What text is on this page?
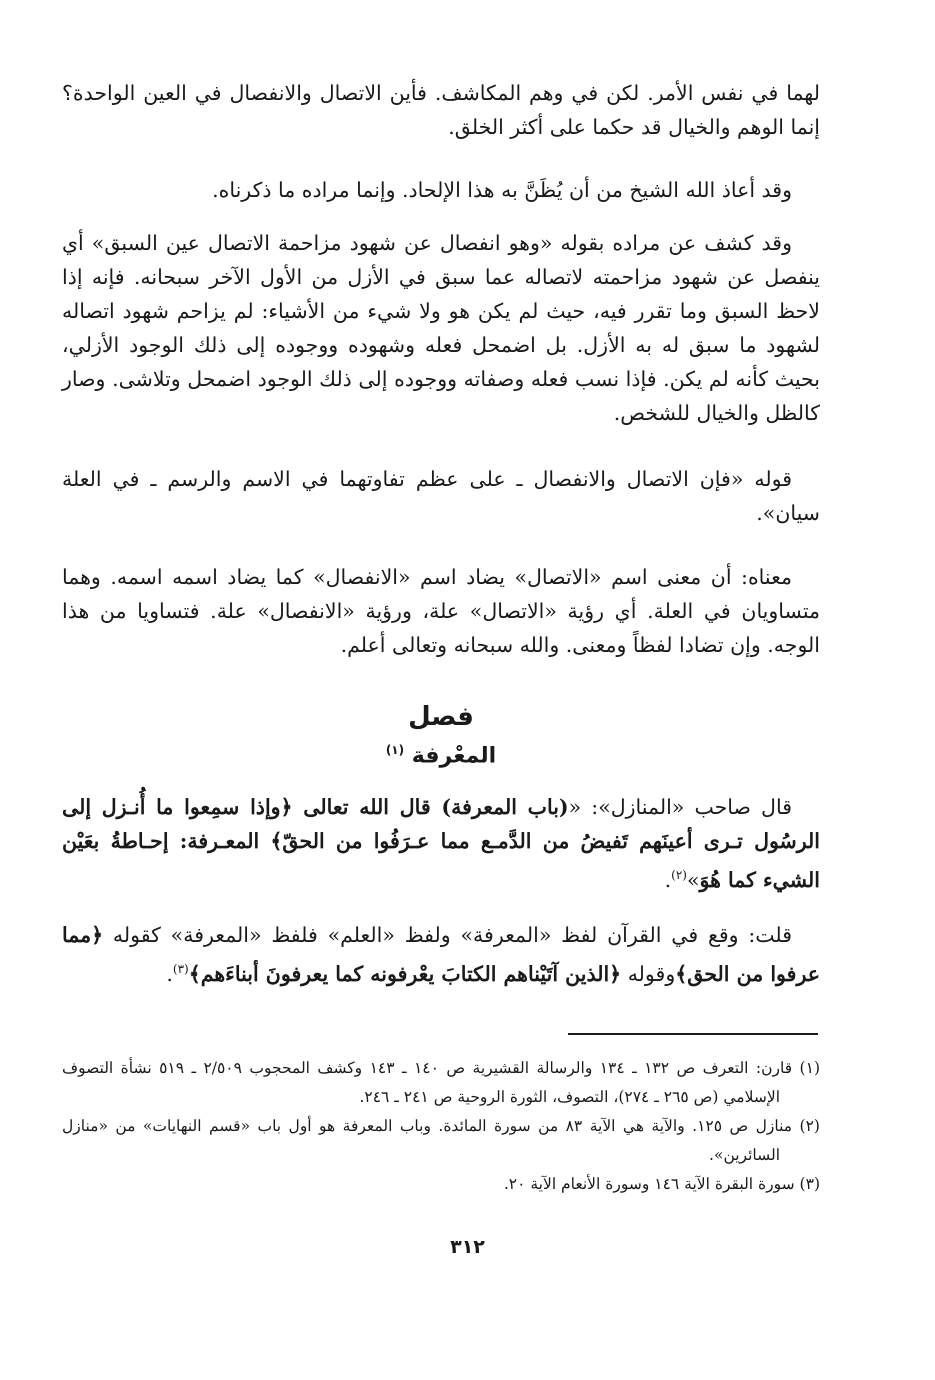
لهما في نفس الأمر. لكن في وهم المكاشف. فأين الاتصال والانفصال في العين الواحدة؟ إنما الوهم والخيال قد حكما على أكثر الخلق.
وقد أعاذ الله الشيخ من أن يُظَنَّ به هذا الإلحاد. وإنما مراده ما ذكرناه.
وقد كشف عن مراده بقوله «وهو انفصال عن شهود مزاحمة الاتصال عين السبق» أي ينفصل عن شهود مزاحمته لاتصاله عما سبق في الأزل من الأول الآخر سبحانه. فإنه إذا لاحظ السبق وما تقرر فيه، حيث لم يكن هو ولا شيء من الأشياء: لم يزاحم شهود اتصاله لشهود ما سبق له به الأزل. بل اضمحل فعله وشهوده ووجوده إلى ذلك الوجود الأزلي، بحيث كأنه لم يكن. فإذا نسب فعله وصفاته ووجوده إلى ذلك الوجود اضمحل وتلاشى. وصار كالظل والخيال للشخص.
قوله «فإن الاتصال والانفصال ـ على عظم تفاوتهما في الاسم والرسم ـ في العلة سيان».
معناه: أن معنى اسم «الاتصال» يضاد اسم «الانفصال» كما يضاد اسمه اسمه. وهما متساويان في العلة. أي رؤية «الاتصال» علة، ورؤية «الانفصال» علة. فتساويا من هذا الوجه. وإن تضادا لفظاً ومعنى. والله سبحانه وتعالى أعلم.
فصل
المعْرفة $^{(١)}$
قال صاحب «المنازل»: «(باب المعرفة) قال الله تعالى ﴿وإذا سمِعوا ما أُنـزل إلى الرسُول تـرى أعينَهم تَفيضُ من الدَّمـع مما عـرَفُوا من الحقّ﴾ المعـرفة: إحـاطةُ بعَيْن الشيء كما هُوَ»$^{(٢)}$.
قلت: وقع في القرآن لفظ «المعرفة» ولفظ «العلم» فلفظ «المعرفة» كقوله ﴿مما عرفوا من الحق﴾وقوله ﴿الذين آتَيْناهم الكتابَ يعْرفونه كما يعرفونَ أبناءَهم﴾$^{(٣)}$.
(١) قارن: التعرف ص ١٣٢ ـ ١٣٤ والرسالة القشيرية ص ١٤٠ ـ ١٤٣ وكشف المحجوب ٢/٥٠٩ ـ ٥١٩ نشأة التصوف الإسلامي (ص ٢٦٥ ـ ٢٧٤)، التصوف، الثورة الروحية ص ٢٤١ ـ ٢٤٦.
(٢) منازل ص ١٢٥. والآية هي الآية ٨٣ من سورة المائدة. وباب المعرفة هو أول باب «قسم النهايات» من «منازل السائرين».
(٣) سورة البقرة الآية ١٤٦ وسورة الأنعام الآية ٢٠.
٣١٢
